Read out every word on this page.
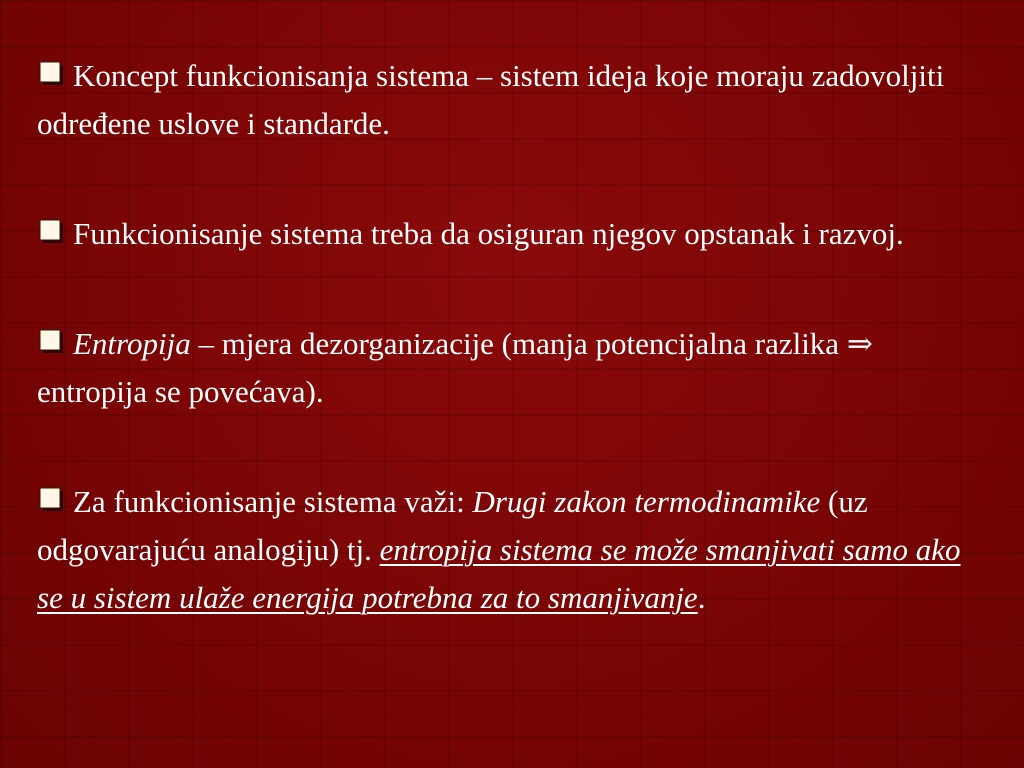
Koncept funkcionisanja sistema – sistem ideja koje moraju zadovoljiti određene uslove i standarde.
Funkcionisanje sistema treba da osiguran njegov opstanak i razvoj.
Entropija – mjera dezorganizacije (manja potencijalna razlika ⇒ entropija se povećava).
Za funkcionisanje sistema važi: Drugi zakon termodinamike (uz odgovarajuću analogiju) tj. entropija sistema se može smanjivati samo ako se u sistem ulaže energija potrebna za to smanjivanje.
